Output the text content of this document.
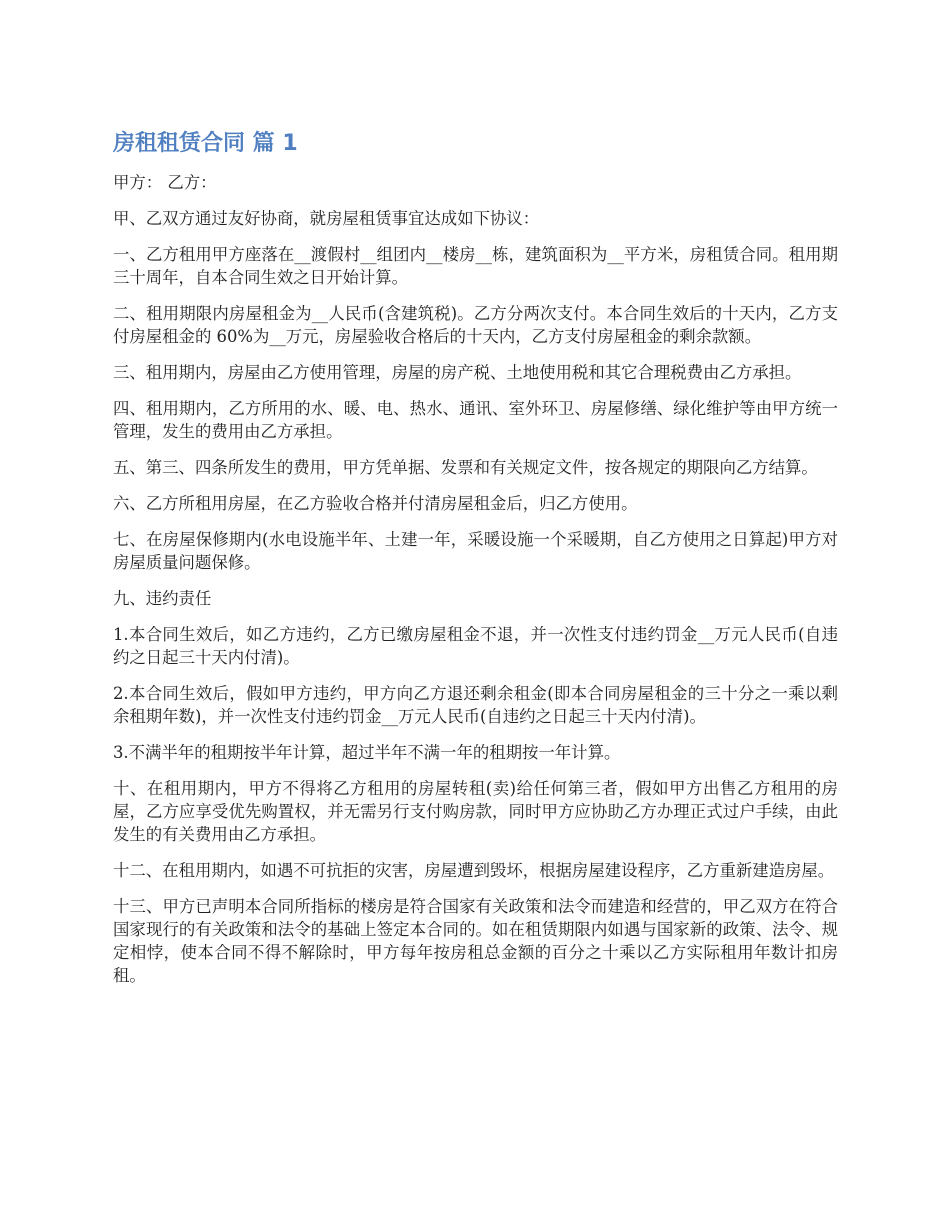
房租租赁合同 篇 1

甲方： 乙方：

甲、乙双方通过友好协商，就房屋租赁事宜达成如下协议：

一、乙方租用甲方座落在__渡假村__组团内__楼房__栋，建筑面积为__平方米，房租赁合同。租用期三十周年，自本合同生效之日开始计算。

二、租用期限内房屋租金为__人民币(含建筑税)。乙方分两次支付。本合同生效后的十天内，乙方支付房屋租金的 60%为__万元，房屋验收合格后的十天内，乙方支付房屋租金的剩余款额。

三、租用期内，房屋由乙方使用管理，房屋的房产税、土地使用税和其它合理税费由乙方承担。

四、租用期内，乙方所用的水、暖、电、热水、通讯、室外环卫、房屋修缮、绿化维护等由甲方统一管理，发生的费用由乙方承担。

五、第三、四条所发生的费用，甲方凭单据、发票和有关规定文件，按各规定的期限向乙方结算。

六、乙方所租用房屋，在乙方验收合格并付清房屋租金后，归乙方使用。

七、在房屋保修期内(水电设施半年、土建一年，采暖设施一个采暖期，自乙方使用之日算起)甲方对房屋质量问题保修。

九、违约责任

1.本合同生效后，如乙方违约，乙方已缴房屋租金不退，并一次性支付违约罚金__万元人民币(自违约之日起三十天内付清)。

2.本合同生效后，假如甲方违约，甲方向乙方退还剩余租金(即本合同房屋租金的三十分之一乘以剩余租期年数)，并一次性支付违约罚金__万元人民币(自违约之日起三十天内付清)。

3.不满半年的租期按半年计算，超过半年不满一年的租期按一年计算。

十、在租用期内，甲方不得将乙方租用的房屋转租(卖)给任何第三者，假如甲方出售乙方租用的房屋，乙方应享受优先购置权，并无需另行支付购房款，同时甲方应协助乙方办理正式过户手续，由此发生的有关费用由乙方承担。

十二、在租用期内，如遇不可抗拒的灾害，房屋遭到毁坏，根据房屋建设程序，乙方重新建造房屋。

十三、甲方已声明本合同所指标的楼房是符合国家有关政策和法令而建造和经营的，甲乙双方在符合国家现行的有关政策和法令的基础上签定本合同的。如在租赁期限内如遇与国家新的政策、法令、规定相悖，使本合同不得不解除时，甲方每年按房租总金额的百分之十乘以乙方实际租用年数计扣房租。
